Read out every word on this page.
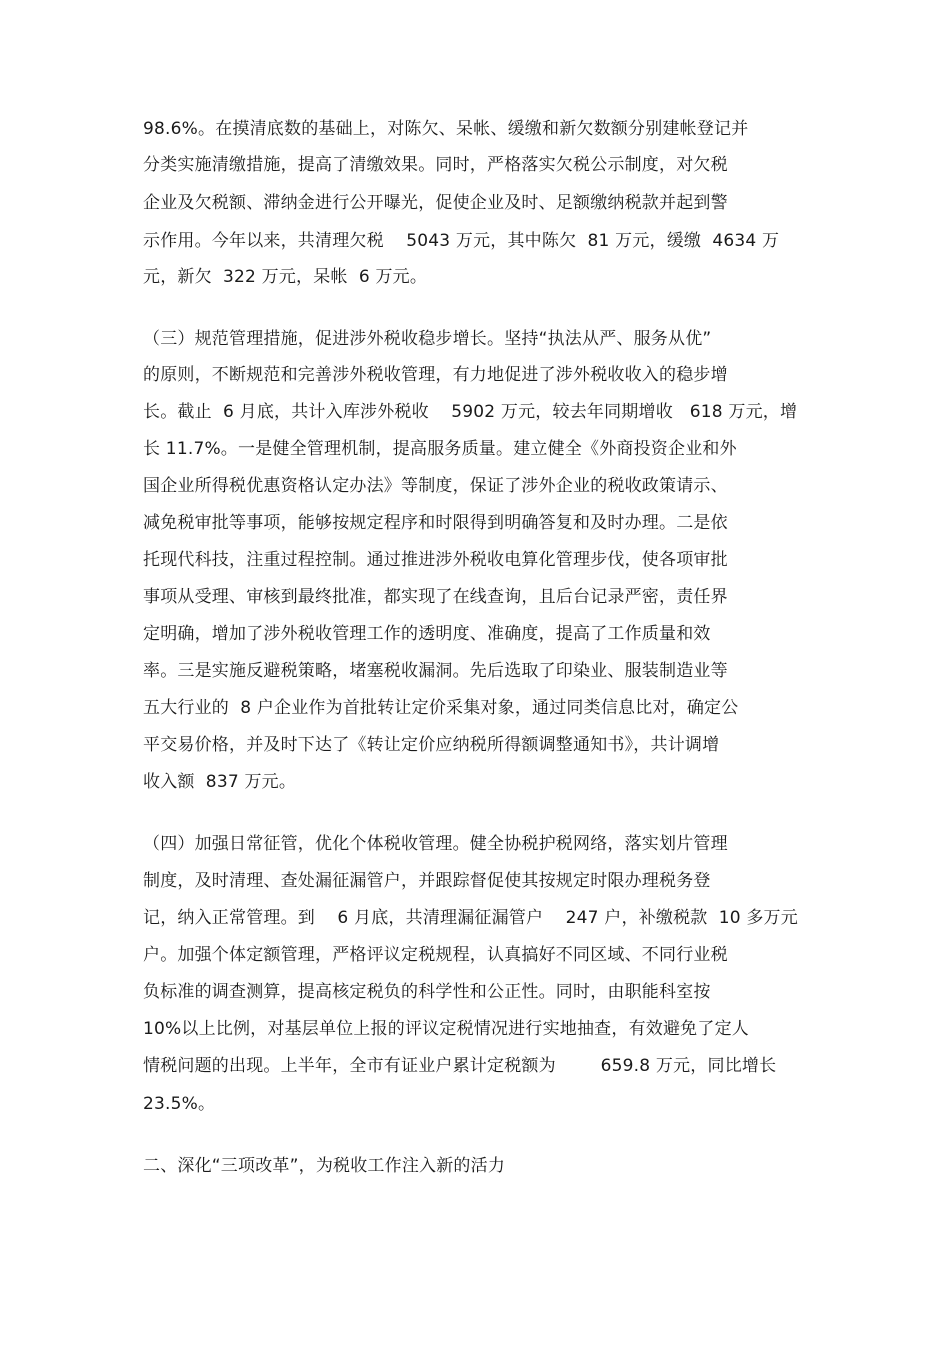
98.6%。在摸清底数的基础上，对陈欠、呆帐、缓缴和新欠数额分别建帐登记并
分类实施清缴措施，提高了清缴效果。同时，严格落实欠税公示制度，对欠税
企业及欠税额、滞纳金进行公开曝光，促使企业及时、足额缴纳税款并起到警
示作用。今年以来，共清理欠税    5043 万元，其中陈欠  81 万元，缓缴  4634 万
元，新欠  322 万元，呆帐  6 万元。
（三）规范管理措施，促进涉外税收稳步增长。坚持“执法从严、服务从优”
的原则，不断规范和完善涉外税收管理，有力地促进了涉外税收收入的稳步增
长。截止  6 月底，共计入库涉外税收    5902 万元，较去年同期增收   618 万元，增
长 11.7%。一是健全管理机制，提高服务质量。建立健全《外商投资企业和外
国企业所得税优惠资格认定办法》等制度，保证了涉外企业的税收政策请示、
减免税审批等事项，能够按规定程序和时限得到明确答复和及时办理。二是依
托现代科技，注重过程控制。通过推进涉外税收电算化管理步伐，使各项审批
事项从受理、审核到最终批准，都实现了在线查询，且后台记录严密，责任界
定明确，增加了涉外税收管理工作的透明度、准确度，提高了工作质量和效
率。三是实施反避税策略，堵塞税收漏洞。先后选取了印染业、服装制造业等
五大行业的  8 户企业作为首批转让定价采集对象，通过同类信息比对，确定公
平交易价格，并及时下达了《转让定价应纳税所得额调整通知书》，共计调增
收入额  837 万元。
（四）加强日常征管，优化个体税收管理。健全协税护税网络，落实划片管理
制度，及时清理、查处漏征漏管户，并跟踪督促使其按规定时限办理税务登
记，纳入正常管理。到    6 月底，共清理漏征漏管户    247 户，补缴税款  10 多万元
户。加强个体定额管理，严格评议定税规程，认真搞好不同区域、不同行业税
负标准的调查测算，提高核定税负的科学性和公正性。同时，由职能科室按
10%以上比例，对基层单位上报的评议定税情况进行实地抽查，有效避免了定人
情税问题的出现。上半年，全市有证业户累计定税额为        659.8 万元，同比增长
23.5%。
二、深化“三项改革”，为税收工作注入新的活力
